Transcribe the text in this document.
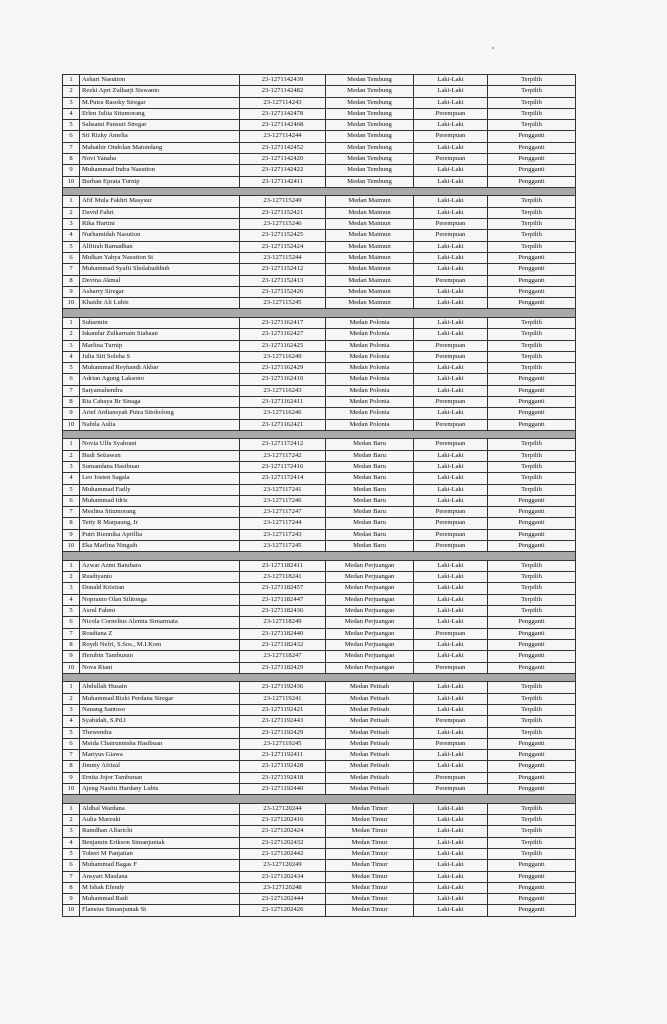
1	Ashari Nasution	23-1271142439	Medan Tembung	Laki-Laki	Terpilih
2	Rezki Apri Zulharji Siswanto	23-1271142482	Medan Tembung	Laki-Laki	Terpilih
3	M.Putra Rasoky Siregar	23-127114243	Medan Tembung	Laki-Laki	Terpilih
4	Erlen Julita Situmorang	23-1271142478	Medan Tembung	Perempuan	Terpilih
5	Sahsami Pansuri Siregar	23-1271142468	Medan Tembung	Laki-Laki	Terpilih
6	Sri Rizky Amelia	23-127114244	Medan Tembung	Perempuan	Pengganti
7	Mahathir Ondolan Matondang	23-1271142452	Medan Tembung	Laki-Laki	Pengganti
8	Novi Yanaha	23-1271142420	Medan Tembung	Perempuan	Pengganti
9	Muhammad Indra Nasution	23-1271142422	Medan Tembung	Laki-Laki	Pengganti
10	Burhan Eprata Turnip	23-1271142411	Medan Tembung	Laki-Laki	Pengganti

1	Afif Mula Fakhri Masysur	23-127115249	Medan Maimun	Laki-Laki	Terpilih
2	David Fahri	23-1271152421	Medan Maimun	Laki-Laki	Terpilih
3	Rika Hartini	23-127115246	Medan Maimun	Perempuan	Terpilih
4	Nurhamidah Nasution	23-1271152425	Medan Maimun	Perempuan	Terpilih
5	Alfitrah Ramadhan	23-1271152424	Medan Maimun	Laki-Laki	Terpilih
6	Mulkan Yahya Nasution St	23-127115244	Medan Maimun	Laki-Laki	Pengganti
7	Muhammad Syafii Sholahuddinh	23-1271152412	Medan Maimun	Laki-Laki	Pengganti
8	Devina Akmal	23-1271152413	Medan Maimun	Perempuan	Pengganti
9	Asharry Siregar	23-1271152426	Medan Maimun	Laki-Laki	Pengganti
10	Khaidir Ali Lubis	23-127115245	Medan Maimun	Laki-Laki	Pengganti

1	Suharmin	23-1271162417	Medan Polonia	Laki-Laki	Terpilih
2	Iskandar Zulkarnain Siahaan	23-1271162427	Medan Polonia	Laki-Laki	Terpilih
3	Marlina Turnip	23-1271162425	Medan Polonia	Perempuan	Terpilih
4	Julia Siti Soleha S	23-127116249	Medan Polonia	Perempuan	Terpilih
5	Muhammad Reyhandi Akbar	23-1271162429	Medan Polonia	Laki-Laki	Terpilih
6	Adrian Agung Laksono	23-1271162410	Medan Polonia	Laki-Laki	Pengganti
7	Satyamahendra	23-127116243	Medan Polonia	Laki-Laki	Pengganti
8	Ria Cahaya Br Sinaga	23-1271162411	Medan Polonia	Perempuan	Pengganti
9	Arief Ardiansyah Putra Sitoholong	23-127116246	Medan Polonia	Laki-Laki	Pengganti
10	Nabila Aulia	23-1271162421	Medan Polonia	Perempuan	Pengganti

1	Novia Ulfa Syahrani	23-1271172412	Medan Baru	Perempuan	Terpilih
2	Budi Setiawan	23-127117242	Medan Baru	Laki-Laki	Terpilih
3	Sumandana Hasibuan	23-1271172416	Medan Baru	Laki-Laki	Terpilih
4	Leo Josten Sagala	23-1271172414	Medan Baru	Laki-Laki	Terpilih
5	Muhammad Fadly	23-127117241	Medan Baru	Laki-Laki	Terpilih
6	Muhammad Idris	23-127117246	Medan Baru	Laki-Laki	Pengganti
7	Meslina Situmorang	23-127117247	Medan Baru	Perempuan	Pengganti
8	Tetty R Marpaung, Ir	23-127117244	Medan Baru	Perempuan	Pengganti
9	Putri Riennika Aprillia	23-127117243	Medan Baru	Perempuan	Pengganti
10	Eka Marlina Ningsih	23-127117245	Medan Baru	Perempuan	Pengganti

1	Azwar Azmi Batubara	23-1271182411	Medan Perjuangan	Laki-Laki	Terpilih
2	Rusdiyanto	23-127118241	Medan Perjuangan	Laki-Laki	Terpilih
3	Donald Kristian	23-1271182457	Medan Perjuangan	Laki-Laki	Terpilih
4	Nopranto Olan Silitonga	23-1271182447	Medan Perjuangan	Laki-Laki	Terpilih
5	Asrul Fahmi	23-1271182436	Medan Perjuangan	Laki-Laki	Terpilih
6	Nicola Cornelius Alemta Simarmata	23-127118249	Medan Perjuangan	Laki-Laki	Pengganti
7	Rosdiana Z	23-1271182440	Medan Perjuangan	Perempuan	Pengganti
8	Roydi Nefri, S.Sos., M.I.Kom	23-1271182432	Medan Perjuangan	Laki-Laki	Pengganti
9	Herubin Tambunan	23-127118247	Medan Perjuangan	Laki-Laki	Pengganti
10	Nova Riani	23-1271182429	Medan Perjuangan	Perempuan	Pengganti

1	Abdullah Husain	23-1271192436	Medan Petisah	Laki-Laki	Terpilih
2	Muhammad Rizki Perdana Siregar	23-127119241	Medan Petisah	Laki-Laki	Terpilih
3	Nanang Santoso	23-1271192421	Medan Petisah	Laki-Laki	Terpilih
4	Syahidah, S.Pd.I	23-1271192443	Medan Petisah	Perempuan	Terpilih
5	Thewendra	23-1271192429	Medan Petisah	Laki-Laki	Terpilih
6	Meida Chairunnisha Hasibuan	23-127119245	Medan Petisah	Perempuan	Pengganti
7	Mariyus Giawa	23-1271192411	Medan Petisah	Laki-Laki	Pengganti
8	Jimmy Afrizal	23-1271192428	Medan Petisah	Laki-Laki	Pengganti
9	Ernita Jojor Tambunan	23-1271192418	Medan Petisah	Perempuan	Pengganti
10	Ajeng Nasiiti Hardany Lubis	23-1271192440	Medan Petisah	Perempuan	Pengganti

1	Aldhal Wardana	23-127120244	Medan Timur	Laki-Laki	Terpilih
2	Aulia Marzuki	23-1271202416	Medan Timur	Laki-Laki	Terpilih
3	Ramdhan Alfarichi	23-1271202424	Medan Timur	Laki-Laki	Terpilih
4	Benjamin Erikson Simanjuntak	23-1271202432	Medan Timur	Laki-Laki	Terpilih
5	Tobert M Panjaitan	23-1271202442	Medan Timur	Laki-Laki	Terpilih
6	Muhammad Bagas F	23-127120249	Medan Timur	Laki-Laki	Pengganti
7	Ansyari Maulana	23-1271202434	Medan Timur	Laki-Laki	Pengganti
8	M Ishak Efendy	23-127120248	Medan Timur	Laki-Laki	Pengganti
9	Muhammad Radi	23-1271202444	Medan Timur	Laki-Laki	Pengganti
10	Flansius Simanjuntak St	23-1271202426	Medan Timur	Laki-Laki	Pengganti
